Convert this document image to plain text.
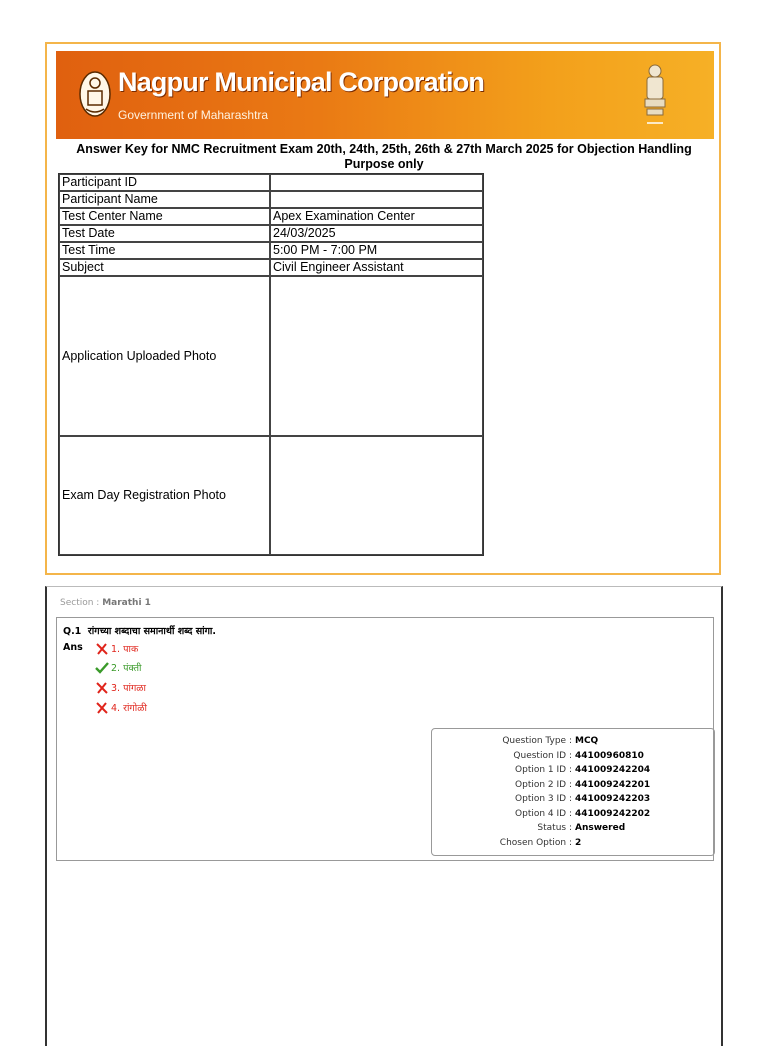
Nagpur Municipal Corporation
Government of Maharashtra
Answer Key for NMC Recruitment Exam 20th, 24th, 25th, 26th & 27th March 2025 for Objection Handling Purpose only
Participant ID	
Participant Name	
Test Center Name	Apex Examination Center
Test Date	24/03/2025
Test Time	5:00 PM - 7:00 PM
Subject	Civil Engineer Assistant
Application Uploaded Photo	
Exam Day Registration Photo	
Section : Marathi 1
Q.1 रांगच्या शब्दाचा समानार्थी शब्द सांगा.
Ans	1. पाक
2. पंक्ती
3. पांगळा
4. रांगोळी
Question Type : MCQ
Question ID : 44100960810
Option 1 ID : 441009242204
Option 2 ID : 441009242201
Option 3 ID : 441009242203
Option 4 ID : 441009242202
Status : Answered
Chosen Option : 2
